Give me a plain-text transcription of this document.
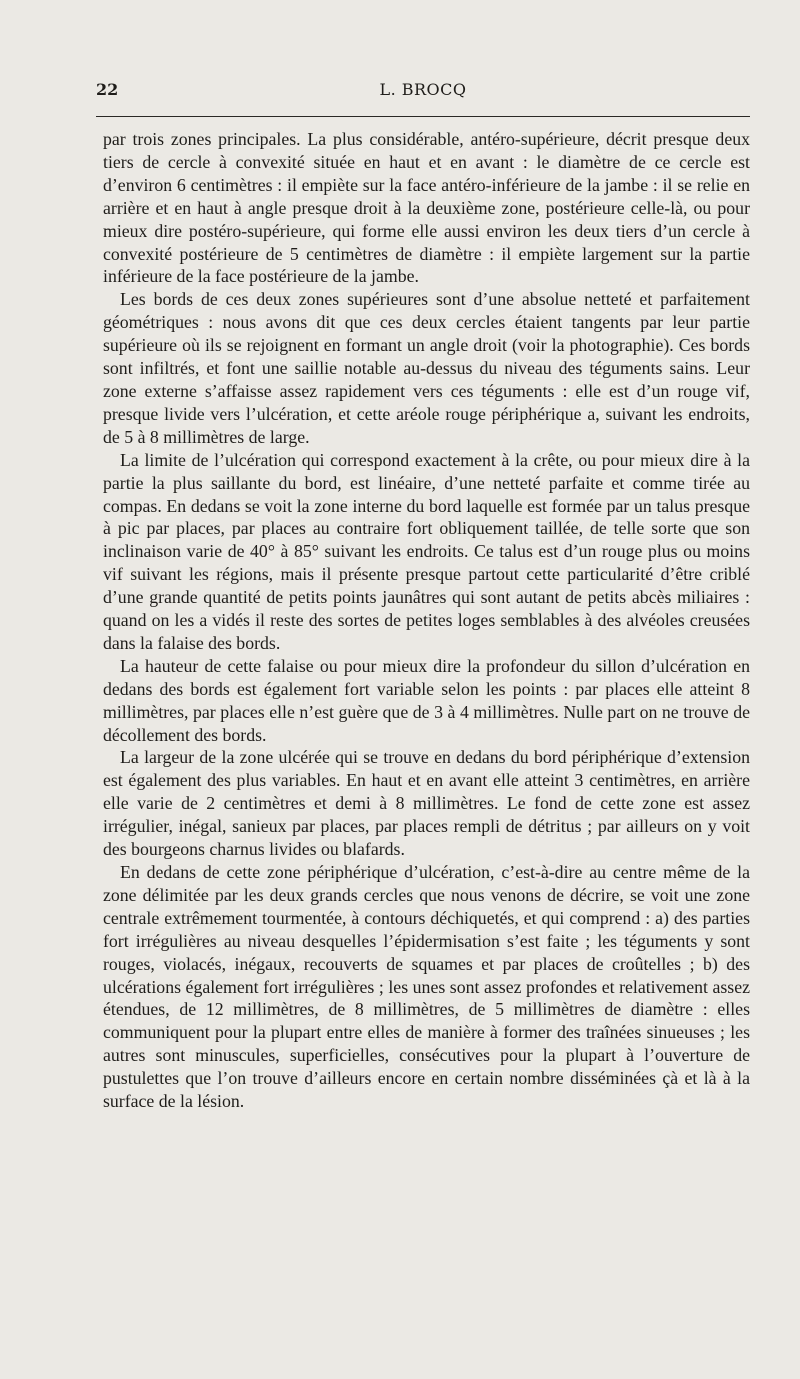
22	L. BROCQ

par trois zones principales. La plus considérable, antéro-supérieure, décrit presque deux tiers de cercle à convexité située en haut et en avant : le diamètre de ce cercle est d’environ 6 centimètres : il empiète sur la face antéro-inférieure de la jambe : il se relie en arrière et en haut à angle presque droit à la deuxième zone, postérieure celle-là, ou pour mieux dire postéro-supérieure, qui forme elle aussi environ les deux tiers d’un cercle à convexité postérieure de 5 centimètres de diamètre : il empiète largement sur la partie inférieure de la face postérieure de la jambe.

Les bords de ces deux zones supérieures sont d’une absolue netteté et parfaitement géométriques : nous avons dit que ces deux cercles étaient tangents par leur partie supérieure où ils se rejoignent en formant un angle droit (voir la photographie). Ces bords sont infiltrés, et font une saillie notable au-dessus du niveau des téguments sains. Leur zone externe s’affaisse assez rapidement vers ces téguments : elle est d’un rouge vif, presque livide vers l’ulcération, et cette aréole rouge périphérique a, suivant les endroits, de 5 à 8 millimètres de large.

La limite de l’ulcération qui correspond exactement à la crête, ou pour mieux dire à la partie la plus saillante du bord, est linéaire, d’une netteté parfaite et comme tirée au compas. En dedans se voit la zone interne du bord laquelle est formée par un talus presque à pic par places, par places au contraire fort obliquement taillée, de telle sorte que son inclinaison varie de 40° à 85° suivant les endroits. Ce talus est d’un rouge plus ou moins vif suivant les régions, mais il présente presque partout cette particularité d’être criblé d’une grande quantité de petits points jaunâtres qui sont autant de petits abcès miliaires : quand on les a vidés il reste des sortes de petites loges semblables à des alvéoles creusées dans la falaise des bords.

La hauteur de cette falaise ou pour mieux dire la profondeur du sillon d’ulcération en dedans des bords est également fort variable selon les points : par places elle atteint 8 millimètres, par places elle n’est guère que de 3 à 4 millimètres. Nulle part on ne trouve de décollement des bords.

La largeur de la zone ulcérée qui se trouve en dedans du bord périphérique d’extension est également des plus variables. En haut et en avant elle atteint 3 centimètres, en arrière elle varie de 2 centimètres et demi à 8 millimètres. Le fond de cette zone est assez irrégulier, inégal, sanieux par places, par places rempli de détritus ; par ailleurs on y voit des bourgeons charnus livides ou blafards.

En dedans de cette zone périphérique d’ulcération, c’est-à-dire au centre même de la zone délimitée par les deux grands cercles que nous venons de décrire, se voit une zone centrale extrêmement tourmentée, à contours déchiquetés, et qui comprend : a) des parties fort irrégulières au niveau desquelles l’épidermisation s’est faite ; les téguments y sont rouges, violacés, inégaux, recouverts de squames et par places de croûtelles ; b) des ulcérations également fort irrégulières ; les unes sont assez profondes et relativement assez étendues, de 12 millimètres, de 8 millimètres, de 5 millimètres de diamètre : elles communiquent pour la plupart entre elles de manière à former des traînées sinueuses ; les autres sont minuscules, superficielles, consécutives pour la plupart à l’ouverture de pustulettes que l’on trouve d’ailleurs encore en certain nombre disséminées çà et là à la surface de la lésion.
